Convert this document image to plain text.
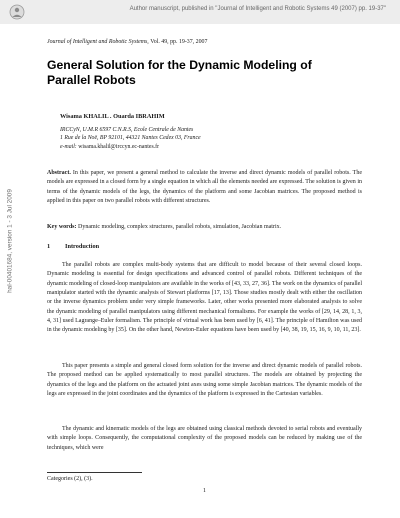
Author manuscript, published in "Journal of Intelligent and Robotic Systems 49 (2007) pp. 19-37"
hal-00401684, version 1 - 3 Jul 2009
Journal of Intelligent and Robotic Systems, Vol. 49, pp. 19-37, 2007
General Solution for the Dynamic Modeling of Parallel Robots
Wisama KHALIL . Ouarda IBRAHIM
IRCCyN, U.M.R 6597 C.N.R.S, Ecole Centrale de Nantes
1 Rue de la Noë, BP 92101, 44321 Nantes Cedex 03, France
e-mail: wisama.khalil@irccyn.ec-nantes.fr

Abstract. In this paper, we present a general method to calculate the inverse and direct dynamic models of parallel robots. The models are expressed in a closed form by a single equation in which all the elements needed are expressed. The solution is given in terms of the dynamic models of the legs, the dynamics of the platform and some Jacobian matrices. The proposed method is applied in this paper on two parallel robots with different structures.

Key words: Dynamic modeling, complex structures, parallel robots, simulation, Jacobian matrix.

1 Introduction

The parallel robots are complex multi-body systems that are difficult to model because of their several closed loops. Dynamic modeling is essential for design specifications and advanced control of parallel robots. Different techniques of the dynamic modeling of closed-loop manipulators are available in the works of [43, 33, 27, 36]. The work on the dynamics of parallel manipulator started with the dynamic analysis of Stewart platforms [17, 13]. Those studies mostly dealt with either the oscillation or the inverse dynamics problem under very simple frameworks. Later, other works presented more elaborated analysis to solve the dynamic modeling of parallel manipulators using different mechanical formalisms. For example the works of [29, 14, 28, 1, 3, 4, 31] used Lagrange–Euler formalism. The principle of virtual work has been used by [6, 41]. The principle of Hamilton was used in the dynamic modeling by [35]. On the other hand, Newton-Euler equations have been used by [40, 38, 19, 15, 16, 9, 10, 11, 23].

This paper presents a simple and general closed form solution for the inverse and direct dynamic models of parallel robots. The proposed method can be applied systematically to most parallel structures. The models are obtained by projecting the dynamics of the legs and the platform on the actuated joint axes using some simple Jacobian matrices. The dynamic models of the legs are expressed in the joint coordinates and the dynamics of the platform is expressed in the Cartesian variables.

The dynamic and kinematic models of the legs are obtained using classical methods devoted to serial robots and eventually with simple loops. Consequently, the computational complexity of the proposed models can be reduced by making use of the techniques, which were

Categories (2), (3).
1
